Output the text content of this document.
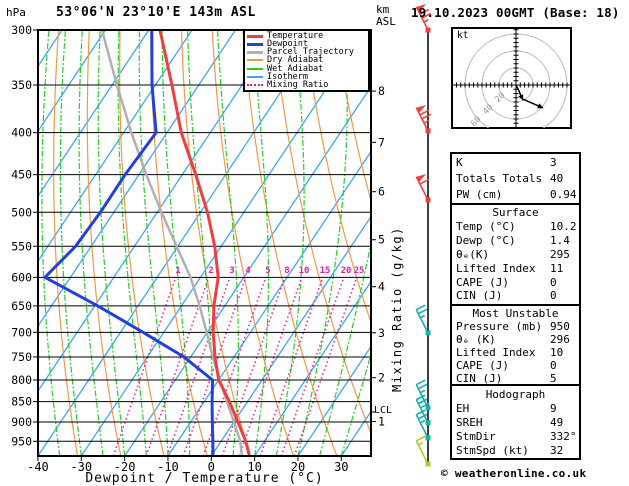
300
350
400
450
500
550
600
650
700
750
800
850
900
950
-40 -30 -20 -10 0	10 20 30
1	2 3 4 5 8 10 15 20 25
1
2
3
4
5
6
7
8	20
40
60
kt
53°06'N 23°10'E 143m ASL	19.10.2023 00GMT (Base: 18)
hPa	km
ASL
Temperature
Dewpoint
Parcel Trajectory
Dry Adiabat
Wet Adiabat
Isotherm
Mixing Ratio
Mixing Ratio (g/kg)
LCL
Dewpoint / Temperature (°C)
K	3
Totals Totals 40
PW (cm)	0.94
Surface
Temp (°C)	10.2
Dewp (°C)	1.4
θₑ(K)	295
Lifted Index	11
CAPE (J)	0
CIN (J)	0
Most Unstable
Pressure (mb) 950
θₑ (K)	296
Lifted Index	10
CAPE (J)	0
CIN (J)	5
Hodograph
EH	9
SREH	49
StmDir	332°
StmSpd (kt)	32
© weatheronline.co.uk
